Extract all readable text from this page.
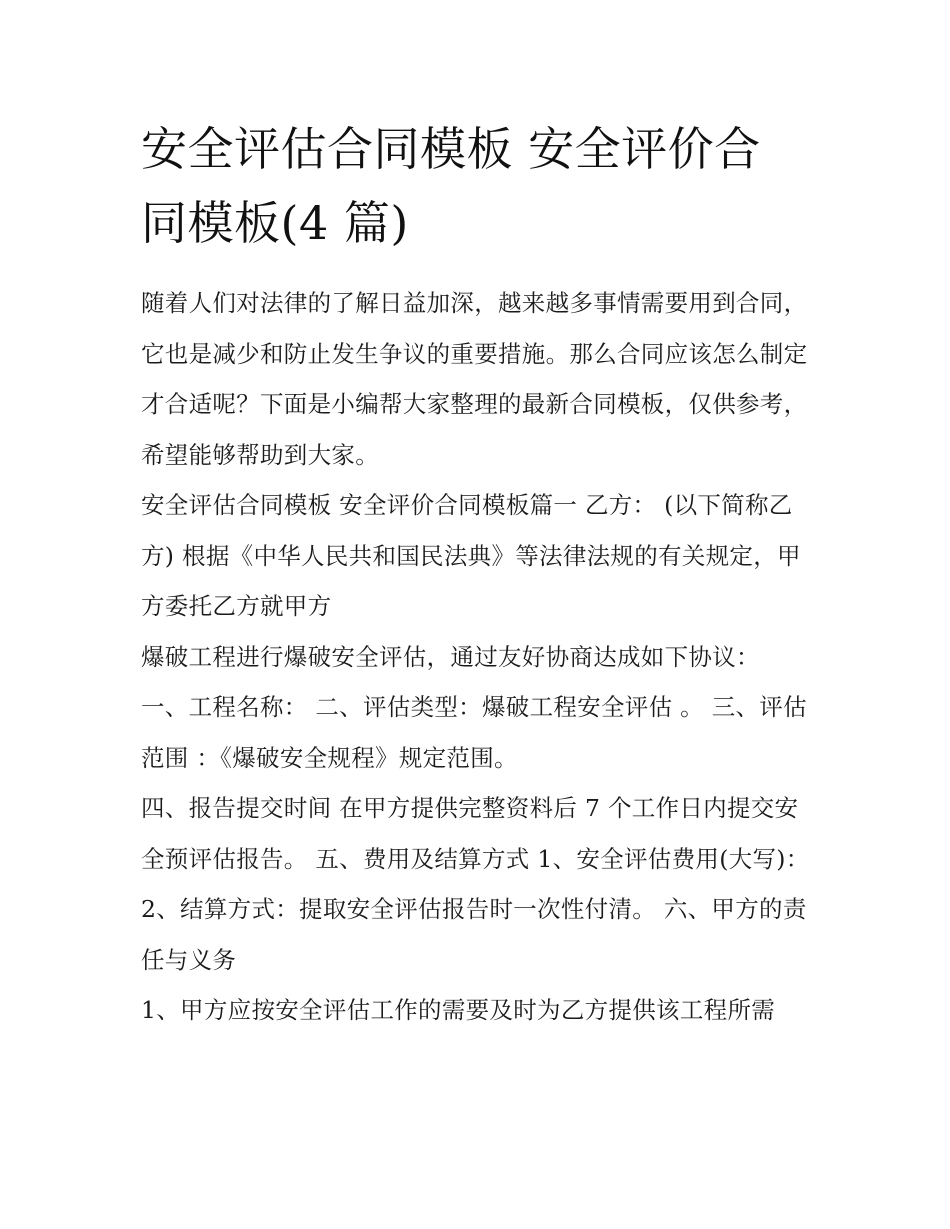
安全评估合同模板 安全评价合
同模板(4 篇)

随着人们对法律的了解日益加深，越来越多事情需要用到合同，它也是减少和防止发生争议的重要措施。那么合同应该怎么制定才合适呢？下面是小编帮大家整理的最新合同模板，仅供参考，希望能够帮助到大家。

安全评估合同模板 安全评价合同模板篇一 乙方： (以下简称乙方) 根据《中华人民共和国民法典》等法律法规的有关规定，甲方委托乙方就甲方

爆破工程进行爆破安全评估，通过友好协商达成如下协议：

一、工程名称： 二、评估类型：爆破工程安全评估 。 三、评估范围 ：《爆破安全规程》规定范围。

四、报告提交时间 在甲方提供完整资料后 7 个工作日内提交安全预评估报告。 五、费用及结算方式 1、安全评估费用(大写)：

2、结算方式：提取安全评估报告时一次性付清。 六、甲方的责任与义务

1、甲方应按安全评估工作的需要及时为乙方提供该工程所需
